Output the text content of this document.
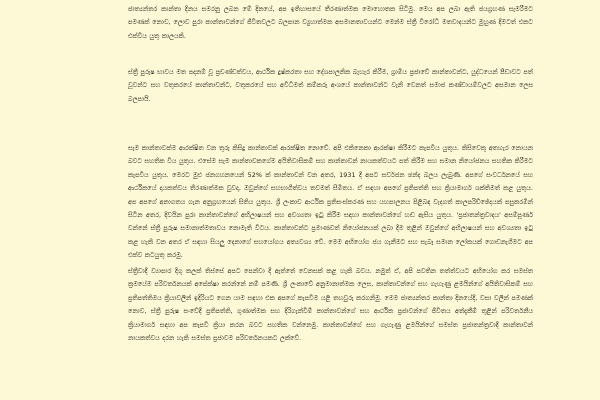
ජාත්‍යන්තර කාන්තා දිනය සමරනු ලබන මේ දිනයේ, අප ඉතිහාසයේ තීරණාත්මක මොහොතක සිටිමු. මෙය අප ලබා ඇති ජයග්‍රහණ සැමරීමට පමණක් නොව, ලොව පුරා කාන්තාවන්ගේ ජීවිතවලට බලපාන ව්‍යුහාත්මක අසමානතාවයන්ට මෙන්ම ස්ත්‍රී විරෝධී මතවාදයන්ට මුහුණ දීමටත් එකට එක්විය යුතු කාලයකි.

ස්ත්‍රී පුරුෂ භාවය මත පදනම් වූ ප්‍රචණ්ඩත්වය, ආර්ථික දුෂ්කරතා සහ දේශපාලනික බැහැර කිරීම, ග්‍රාමීය ප්‍රජාවේ කාන්තාවන්ට, යුද්ධයෙන් පීඩාවට පත් වූවන්ට සහ වතුකරයේ කාන්තාවන්ට, වතුකරයේ සහ අවිධිමත් කම්කරු අංශයේ කාන්තාවන්ට වැනි වෙනත් සමාජ කණ්ඩායම්වලට අසමාන ලෙස බලපායි.

සැම කාන්තාවක්ම ආරක්ෂිත වන තුරු කිසිදු කාන්තාවක් ආරක්ෂිත නොවේ. අපි එකිනෙකා ආරක්ෂා කිරීමට කැපවිය යුතුය. කිසිවෙකු අතහැර නොයන බවට සහතික විය යුතුය. එසේම සැම කාන්තාවකගේම අයිතිවාසිකම් සහ කාන්තාවන් නායකත්වයට පත් කිරීම සහ සමාන නියෝජනය සහතික කිරීමට කැපවිය යුතුය. මෙරට මුළු ජනගහනයෙන් 52% ක් කාන්තාවන් වන අතර, 1931 දී අපට සර්වජන ඡන්ද බලය ලැබුණි. අපගේ සංවර්ධනයේ සහ ආර්ථිකයේ දායකත්වය තීරණාත්මක වුවද, ඔවුන්ගේ සහභාගීත්වය තවමත් සීමිතය. ඒ සඳහා අපගේ ප්‍රතිපත්ති සහ ක්‍රියාමාර්ග ශක්තිමත් කළ යුතුය. අප අපගේ අනාගතය ගැන අනුග්‍රහයෙන් සිතිය යුතුය. ශ්‍රී ලංකාව ආර්ථික ප්‍රතිසංස්කරණ සහ යහපාලනය පිළිබඳ වැදගත් කාලපරිච්ඡේදයක් පසුකරමින් සිටින අතර, දිවයින පුරා කාන්තාවන්ගේ අභිලාෂයන් සහ අවශ්‍යතා ඉටු කිරීම සඳහා කාන්තාවන්ගේ හඬ ඇසිය යුතුය. 'ප්‍රජාතන්ත්‍රවාදය' අසම්පූර්ණ වන්නේ ස්ත්‍රී පුරුෂ සමානාත්මතාවය නොමැති විටය. කාන්තාවන්ට ප්‍රමාණවත් නියෝජනයක් ලබා දීම තුළින් ඔවුන්ගේ අභිලාෂයන් සහ අවශ්‍යතා ඉටු කළ හැකි වන අතර ඒ සඳහා සියලු දෙනාගේ සහයෝගය අත්‍යවශ්‍ය වේ. මෙම අභියෝග ජය ගැනීමට සහ සැබෑ සමාන ලෝකයක් ගොඩනැගීමට අප එක්ව කටයුතු කරමු.

ස්ත්‍රීවාදී ව්‍යාපාර දිගු කලක් තිස්සේ අපට පෙන්වා දී ඇත්තේ වෙනසක් කළ හැකි බවය. නමුත් ඒ, අපි පවතින තත්ත්වයට අභියෝග කර සමස්ත ක්‍රමයේම පරිවර්තනයක් අපේක්ෂා කරන්නේ නම් පමණි. ශ්‍රී ලංකාවේ අනුමානාත්මක ලෙස, කාන්තාවන්ගේ සහ ගැහැණු ළමයින්ගේ අයිතිවාසිකම් සහ ප්‍රතිපත්තිමය ක්‍රියාවලින් ඉදිරියට ගෙන යාම සඳහා එක අපගේ කැපවීම යළි තහවුරු කරගනිමු. මෙම ජාත්‍යන්තර කාන්තා දිනයේදී, වසා වලින් පමණක් නොව, ස්ත්‍රී පුරුෂ සංවේදී ප්‍රතිපත්ති, ගුණාත්මක සහ දිරිගැන්වීම් කාන්තාවන්ගේ සහ ආර්ථික ප්‍රජාවන්ගේ ජීවිතය අත්දැකීම් තුළින් පරිවර්තනීය ක්‍රියාමාර්ග සඳහා අප කැපවී ක්‍රියා කරන බවට සහතික වන්නෙමු. කාන්තාවන්ගේ සහ ගැහැණු ළමයින්ගේ සමස්ත ප්‍රජාතන්ත්‍රවාදී කාන්තාවන් නායකත්වය දරන හැකි සමස්ත ප්‍රජාවම පරිවර්තනයකට ලක්වේ.
